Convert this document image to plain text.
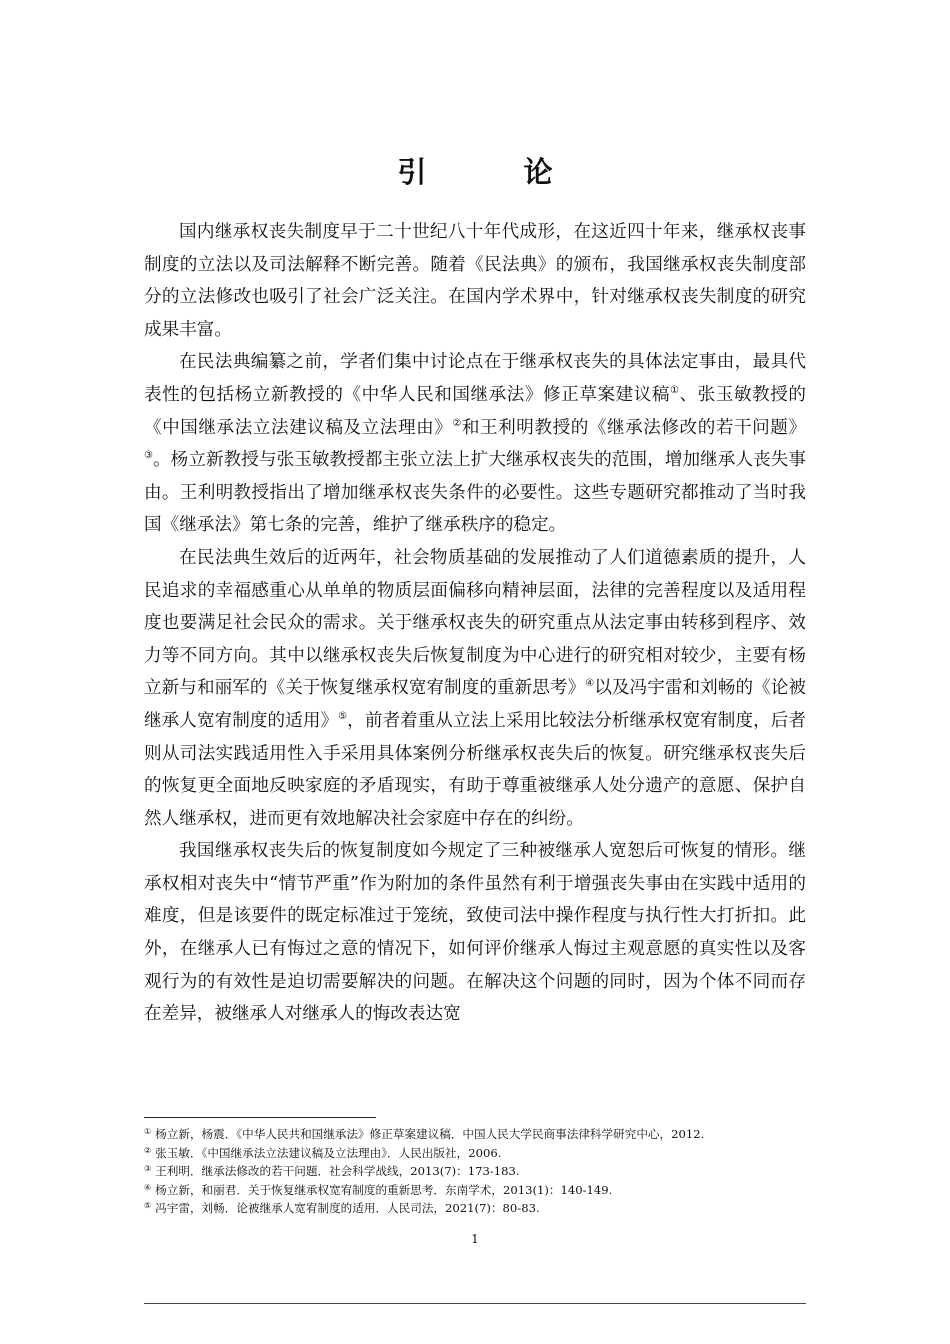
引　论

国内继承权丧失制度早于二十世纪八十年代成形，在这近四十年来，继承权丧事制度的立法以及司法解释不断完善。随着《民法典》的颁布，我国继承权丧失制度部分的立法修改也吸引了社会广泛关注。在国内学术界中，针对继承权丧失制度的研究成果丰富。

在民法典编纂之前，学者们集中讨论点在于继承权丧失的具体法定事由，最具代表性的包括杨立新教授的《中华人民和国继承法》修正草案建议稿①、张玉敏教授的《中国继承法立法建议稿及立法理由》②和王利明教授的《继承法修改的若干问题》③。杨立新教授与张玉敏教授都主张立法上扩大继承权丧失的范围，增加继承人丧失事由。王利明教授指出了增加继承权丧失条件的必要性。这些专题研究都推动了当时我国《继承法》第七条的完善，维护了继承秩序的稳定。

在民法典生效后的近两年，社会物质基础的发展推动了人们道德素质的提升，人民追求的幸福感重心从单单的物质层面偏移向精神层面，法律的完善程度以及适用程度也要满足社会民众的需求。关于继承权丧失的研究重点从法定事由转移到程序、效力等不同方向。其中以继承权丧失后恢复制度为中心进行的研究相对较少，主要有杨立新与和丽军的《关于恢复继承权宽宥制度的重新思考》④以及冯宇雷和刘畅的《论被继承人宽宥制度的适用》⑤，前者着重从立法上采用比较法分析继承权宽宥制度，后者则从司法实践适用性入手采用具体案例分析继承权丧失后的恢复。研究继承权丧失后的恢复更全面地反映家庭的矛盾现实，有助于尊重被继承人处分遗产的意愿、保护自然人继承权，进而更有效地解决社会家庭中存在的纠纷。

我国继承权丧失后的恢复制度如今规定了三种被继承人宽恕后可恢复的情形。继承权相对丧失中“情节严重”作为附加的条件虽然有利于增强丧失事由在实践中适用的难度，但是该要件的既定标准过于笼统，致使司法中操作程度与执行性大打折扣。此外，在继承人已有悔过之意的情况下，如何评价继承人悔过主观意愿的真实性以及客观行为的有效性是迫切需要解决的问题。在解决这个问题的同时，因为个体不同而存在差异，被继承人对继承人的悔改表达宽

① 杨立新，杨震．《中华人民共和国继承法》修正草案建议稿．中国人民大学民商事法律科学研究中心，2012.

② 张玉敏．《中国继承法立法建议稿及立法理由》．人民出版社，2006.

③ 王利明．继承法修改的若干问题．社会科学战线，2013(7)：173-183.

④ 杨立新，和丽君．关于恢复继承权宽宥制度的重新思考．东南学术，2013(1)：140-149.

⑤ 冯宇雷，刘畅．论被继承人宽宥制度的适用．人民司法，2021(7)：80-83.

1
